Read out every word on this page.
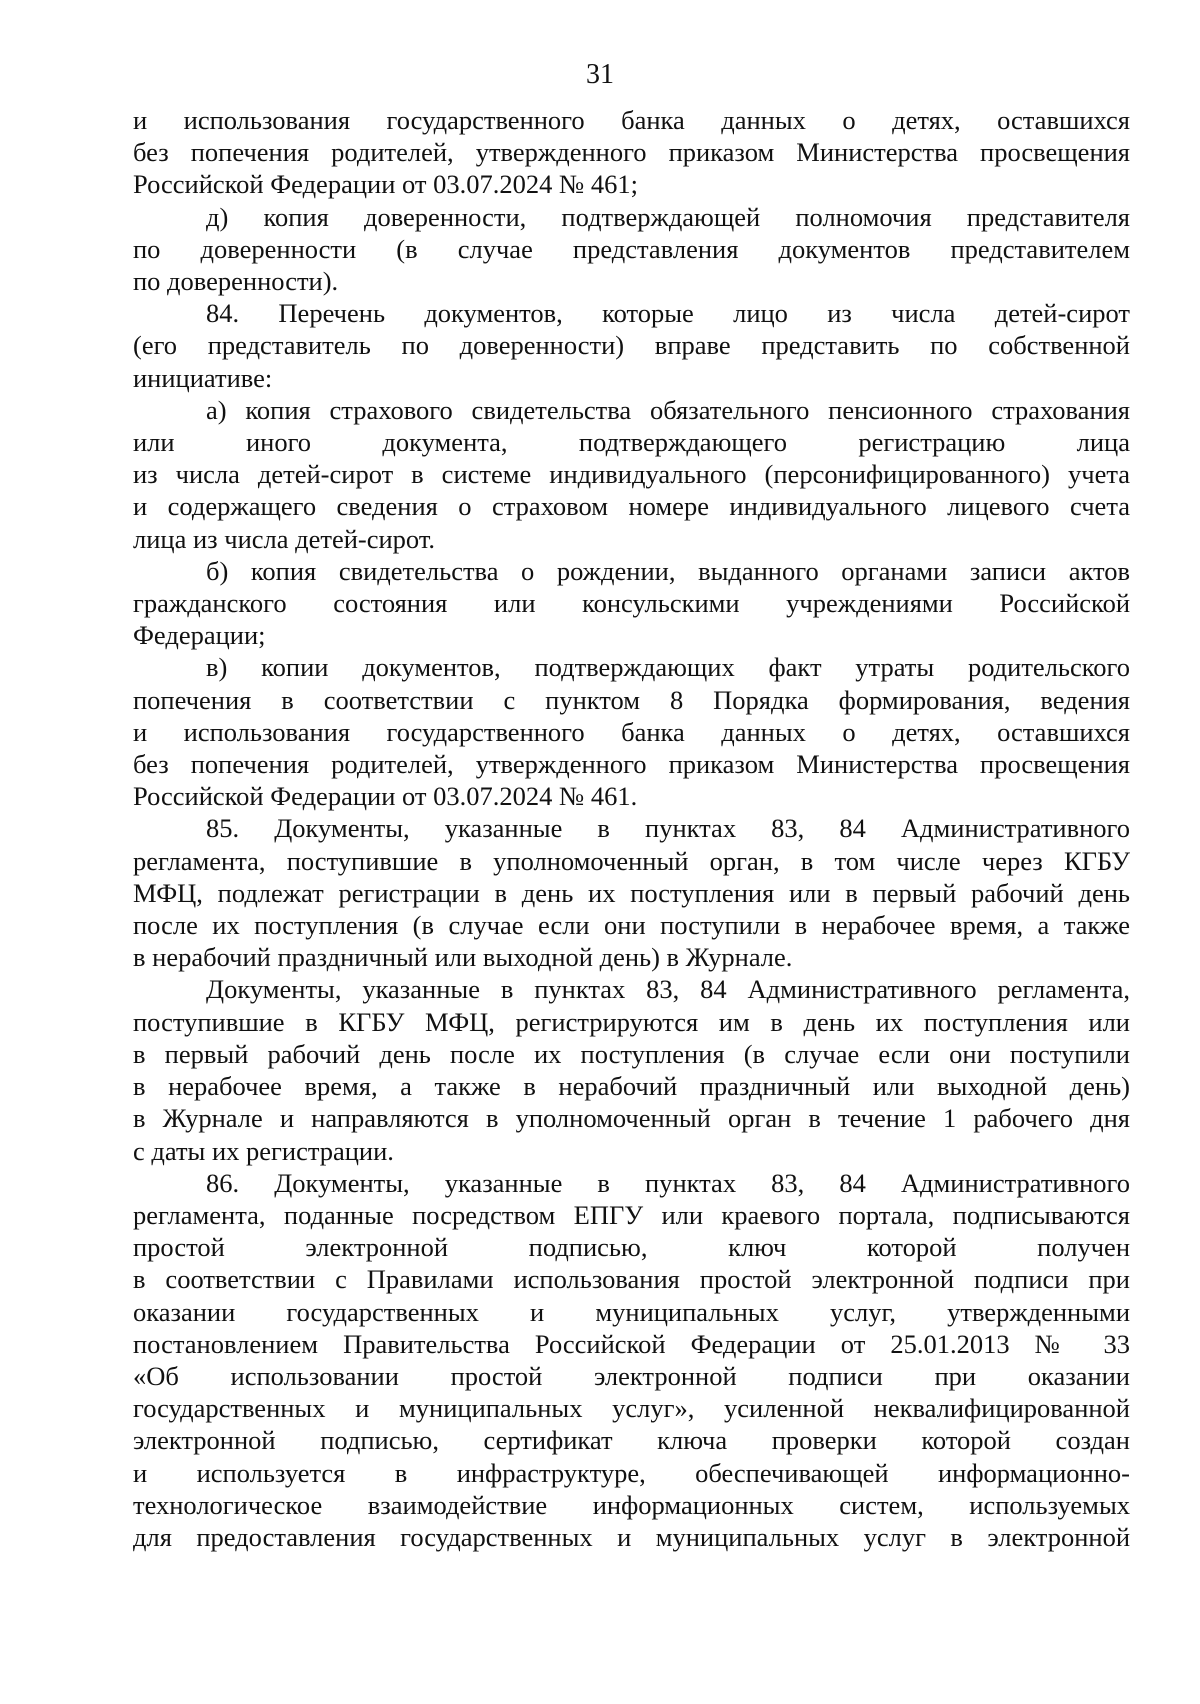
31
и использования государственного банка данных о детях, оставшихся
без попечения родителей, утвержденного приказом Министерства просвещения
Российской Федерации от 03.07.2024 № 461;
д) копия доверенности, подтверждающей полномочия представителя
по доверенности (в случае представления документов представителем
по доверенности).
84. Перечень документов, которые лицо из числа детей-сирот
(его представитель по доверенности) вправе представить по собственной
инициативе:
а) копия страхового свидетельства обязательного пенсионного страхования
или иного документа, подтверждающего регистрацию лица
из числа детей-сирот в системе индивидуального (персонифицированного) учета
и содержащего сведения о страховом номере индивидуального лицевого счета
лица из числа детей-сирот.
б) копия свидетельства о рождении, выданного органами записи актов
гражданского состояния или консульскими учреждениями Российской
Федерации;
в) копии документов, подтверждающих факт утраты родительского
попечения в соответствии с пунктом 8 Порядка формирования, ведения
и использования государственного банка данных о детях, оставшихся
без попечения родителей, утвержденного приказом Министерства просвещения
Российской Федерации от 03.07.2024 № 461.
85. Документы, указанные в пунктах 83, 84 Административного
регламента, поступившие в уполномоченный орган, в том числе через КГБУ
МФЦ, подлежат регистрации в день их поступления или в первый рабочий день
после их поступления (в случае если они поступили в нерабочее время, а также
в нерабочий праздничный или выходной день) в Журнале.
Документы, указанные в пунктах 83, 84 Административного регламента,
поступившие в КГБУ МФЦ, регистрируются им в день их поступления или
в первый рабочий день после их поступления (в случае если они поступили
в нерабочее время, а также в нерабочий праздничный или выходной день)
в Журнале и направляются в уполномоченный орган в течение 1 рабочего дня
с даты их регистрации.
86. Документы, указанные в пунктах 83, 84 Административного
регламента, поданные посредством ЕПГУ или краевого портала, подписываются
простой электронной подписью, ключ которой получен
в соответствии с Правилами использования простой электронной подписи при
оказании государственных и муниципальных услуг, утвержденными
постановлением Правительства Российской Федерации от 25.01.2013 № 33
«Об использовании простой электронной подписи при оказании
государственных и муниципальных услуг», усиленной неквалифицированной
электронной подписью, сертификат ключа проверки которой создан
и используется в инфраструктуре, обеспечивающей информационно-
технологическое взаимодействие информационных систем, используемых
для предоставления государственных и муниципальных услуг в электронной
